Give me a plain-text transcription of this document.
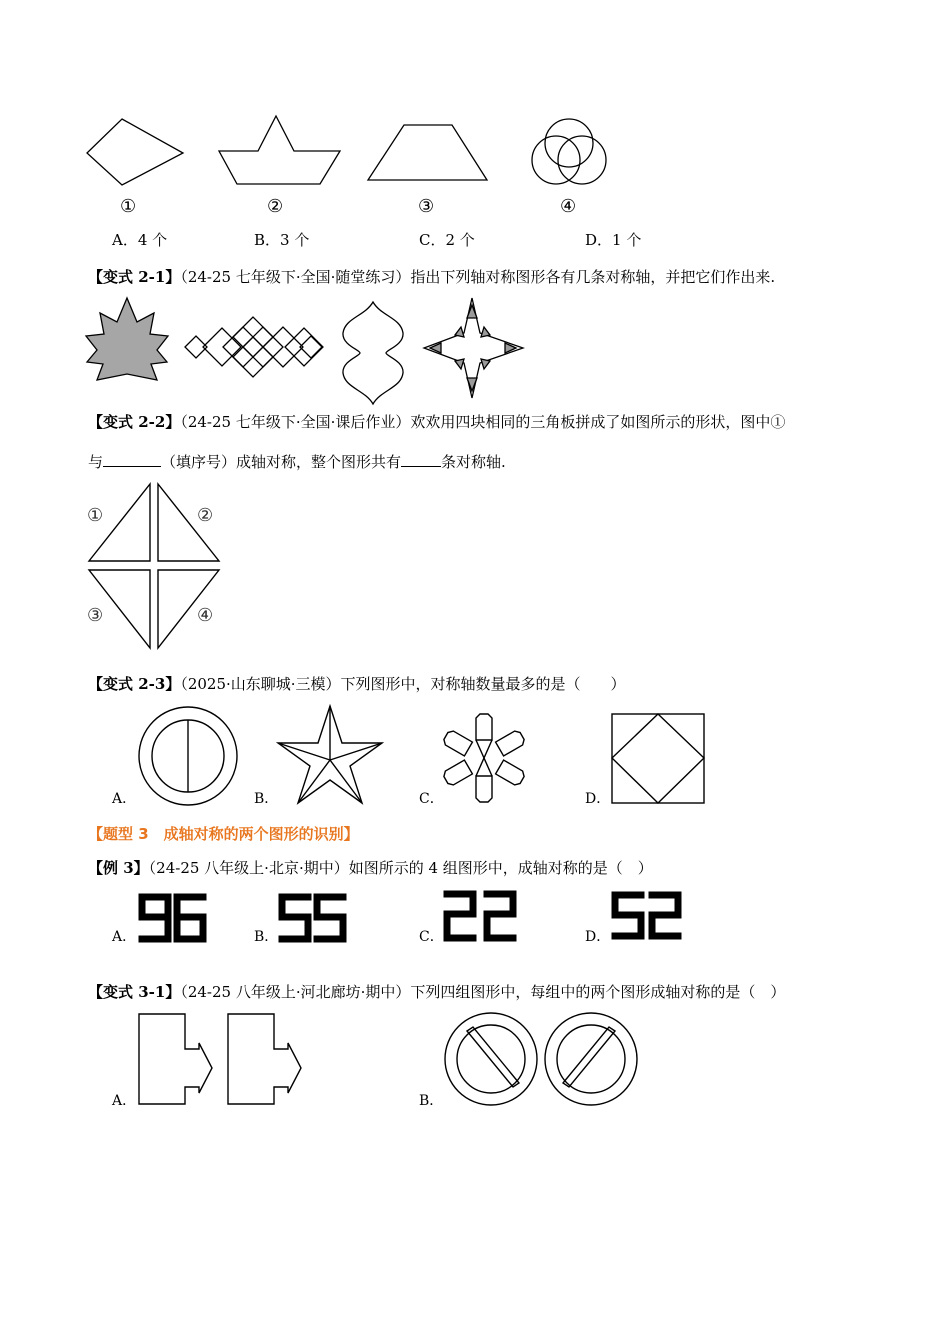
①	②	③	④
A．4 个	B．3 个	C．2 个	D．1 个
【变式 2-1】（24-25 七年级下·全国·随堂练习）指出下列轴对称图形各有几条对称轴，并把它们作出来.
【变式 2-2】（24-25 七年级下·全国·课后作业）欢欢用四块相同的三角板拼成了如图所示的形状，图中①
与	（填序号）成轴对称，整个图形共有	条对称轴.
①	②
③	④
【变式 2-3】（2025·山东聊城·三模）下列图形中，对称轴数量最多的是（　　）
A．	B．	C．	D．
【题型 3　成轴对称的两个图形的识别】
【例 3】（24-25 八年级上·北京·期中）如图所示的 4 组图形中，成轴对称的是（　）
A．	B．	C．	D．
【变式 3-1】（24-25 八年级上·河北廊坊·期中）下列四组图形中，每组中的两个图形成轴对称的是（　）
A．	B．
